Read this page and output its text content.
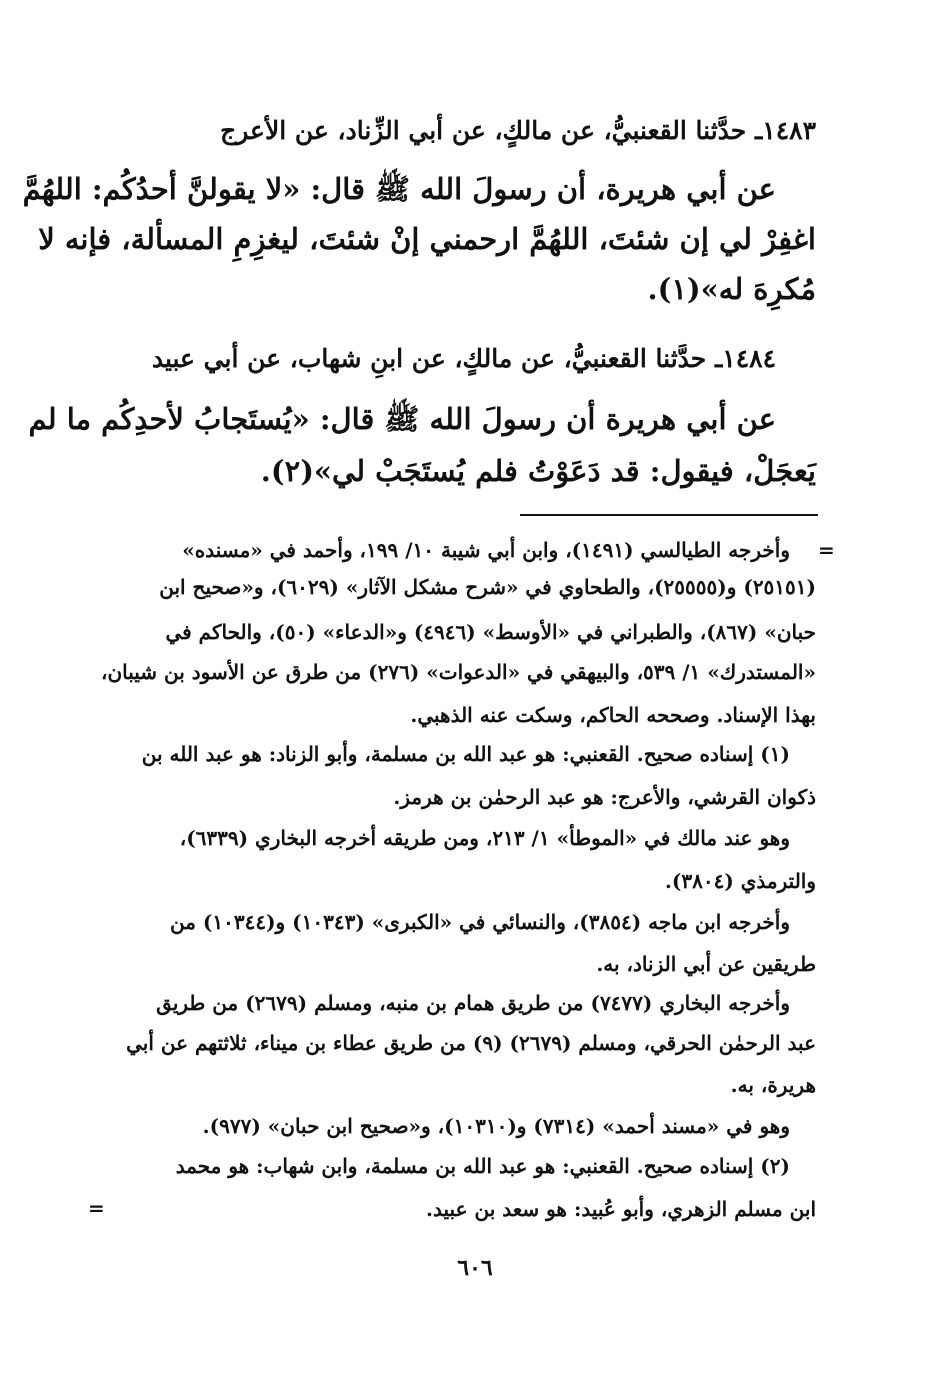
١٤٨٣ـ حدَّثنا القعنبيُّ، عن مالكٍ، عن أبي الزِّناد، عن الأعرج
عن أبي هريرة، أن رسولَ الله ﷺ قال: «لا يقولنَّ أحدُكُم: اللهُمَّ
اغفِرْ لي إن شئتَ، اللهُمَّ ارحمني إنْ شئتَ، ليغزِمِ المسألة، فإنه لا
مُكرِهَ له»(١).
١٤٨٤ـ حدَّثنا القعنبيُّ، عن مالكٍ، عن ابنِ شهاب، عن أبي عبيد
عن أبي هريرة أن رسولَ الله ﷺ قال: «يُستَجابُ لأحدِكُم ما لم
يَعجَلْ، فيقول: قد دَعَوْتُ فلم يُستَجَبْ لي»(٢).
=
=
وأخرجه الطيالسي (١٤٩١)، وابن أبي شيبة ١٠/ ١٩٩، وأحمد في «مسنده»
(٢٥١٥١) و(٢٥٥٥٥)، والطحاوي في «شرح مشكل الآثار» (٦٠٢٩)، و«صحيح ابن
حبان» (٨٦٧)، والطبراني في «الأوسط» (٤٩٤٦) و«الدعاء» (٥٠)، والحاكم في
«المستدرك» ١/ ٥٣٩، والبيهقي في «الدعوات» (٢٧٦) من طرق عن الأسود بن شيبان،
بهذا الإسناد. وصححه الحاكم، وسكت عنه الذهبي.
(١) إسناده صحيح. القعنبي: هو عبد الله بن مسلمة، وأبو الزناد: هو عبد الله بن
ذكوان القرشي، والأعرج: هو عبد الرحمٰن بن هرمز.
وهو عند مالك في «الموطأ» ١/ ٢١٣، ومن طريقه أخرجه البخاري (٦٣٣٩)،
والترمذي (٣٨٠٤).
وأخرجه ابن ماجه (٣٨٥٤)، والنسائي في «الكبرى» (١٠٣٤٣) و(١٠٣٤٤) من
طريقين عن أبي الزناد، به.
وأخرجه البخاري (٧٤٧٧) من طريق همام بن منبه، ومسلم (٢٦٧٩) من طريق
عبد الرحمٰن الحرقي، ومسلم (٢٦٧٩) (٩) من طريق عطاء بن ميناء، ثلاثتهم عن أبي
هريرة، به.
وهو في «مسند أحمد» (٧٣١٤) و(١٠٣١٠)، و«صحيح ابن حبان» (٩٧٧).
(٢) إسناده صحيح. القعنبي: هو عبد الله بن مسلمة، وابن شهاب: هو محمد
ابن مسلم الزهري، وأبو عُبيد: هو سعد بن عبيد.
٦٠٦
